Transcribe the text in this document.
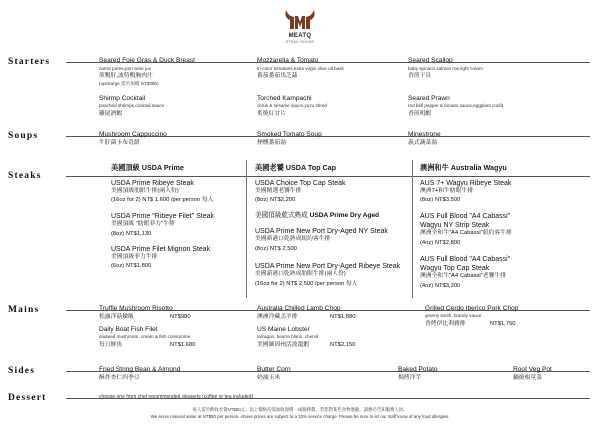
MEATQ
STEAK HOUSE
Starters	Seared Foie Gras & Duck Breast
carrot puree,port wine jus
煎鴨肝,波特鴨胸肉汁
(upcharge 需另加價 NT$380)
Shirmp Cocktail
poached shrimps,cocktail sauce
雞尾酒蝦
Mozzarella & Tomato
tri-color tomatoes,extra virgin olive oil,basil
番茄番茄馬芝茲
Torched Kampachi
citrus & sesame sauce,yuzu shred
炙燒紅甘片
Seared Scallop
baby spinach,salmon roe,light cream
香煎干貝
Seared Prawn
red bell pepper & tomato sauce,eggplant confit
香煎明蝦
Soups	Mushroom Cappuccino
牛肝菌卡布奇諾
Smoked Tomato Soup
煙燻番茄湯
Minestrone
義式蔬菜湯
Steaks
美國頂級 USDA Prime
USDA Prime Ribeye Steak
美國頂級肋眼牛排(兩人份)
(16oz for 2) NT$ 1,600 /per person 每人
USDA Prime "Ribeye Filet" Steak
美國頂級 "肋眼菲力"牛排
(8oz) NT$1,130
USDA Prime Filet Mignon Steak
美國頂級菲力牛排
(6oz) NT$1,800
美國老饕 USDA Top Cap
USDA Choice Top Cap Steak
美國精選老饕牛排
(8oz) NT$2,200
美國頂級乾式熟成 USDA Prime Dry Aged
USDA Prime New Port Dry-Aged NY Steak
美國新港口乾熟成紐約客牛排
(8oz) NT$ 2,500
USDA Prime New Port Dry-Aged Ribeye Steak
美國新港口乾熟成肋眼牛排(兩人份)
(16oz for 2) NT$ 2,500 /per person 每人
澳洲和牛 Australia Wagyu
AUS 7+ Wagyu Ribeye Steak
澳洲7+和牛肋眼牛排
(8oz) NT$3,500
AUS Full Blood "A4 Cabassi"
Wagyu NY Strip Steak
澳洲全和牛"A4 Cabassi"紐約客牛排
(4oz) NT$2,800
AUS Full Blood "A4 Cabassi"
Wagyu Top Cap Steak
澳洲全和牛"A4 Cabassi"老饕牛排
(4oz) NT$3,200
Mains	Truffle Mushroom Risotto
松露洋菇燉飯	NT$980
Daily Boat Fish Filet
sauteed mushroom, cream & fish consomme
每日鮮魚	NT$1,680
Australia Chilled Lamb Chop
澳洲冷藏羔羊排	NT$1,880
US Maine Lobster
tarragon, beurre blanc, chervil
美國緬因州活波龍蝦	NT$2,150
Grilled Cerdo Iberico Pork Chop
granny smith, brandy sauce
香烤伊比利豬排	NT$1,750
Sides	Fried String Bean & Almond
酥炸杏仁四季豆
Butter Corn
奶油玉米
Baked Potato
焗烤洋芋
Root Veg Pot
鍋燒根莖菜
Dessert	choose one from chef recommended desserts (coffee or tea included)
每人需另酌收水資NT$50元。以上價格均需加收原價一成服務費。若您對某些食物過敏，請務必告知服務人員。
We serve mineral water at NT$50 per person. Above prices are subject to a 10% service charge. Please be sure to let our staff know of any food allergies.
